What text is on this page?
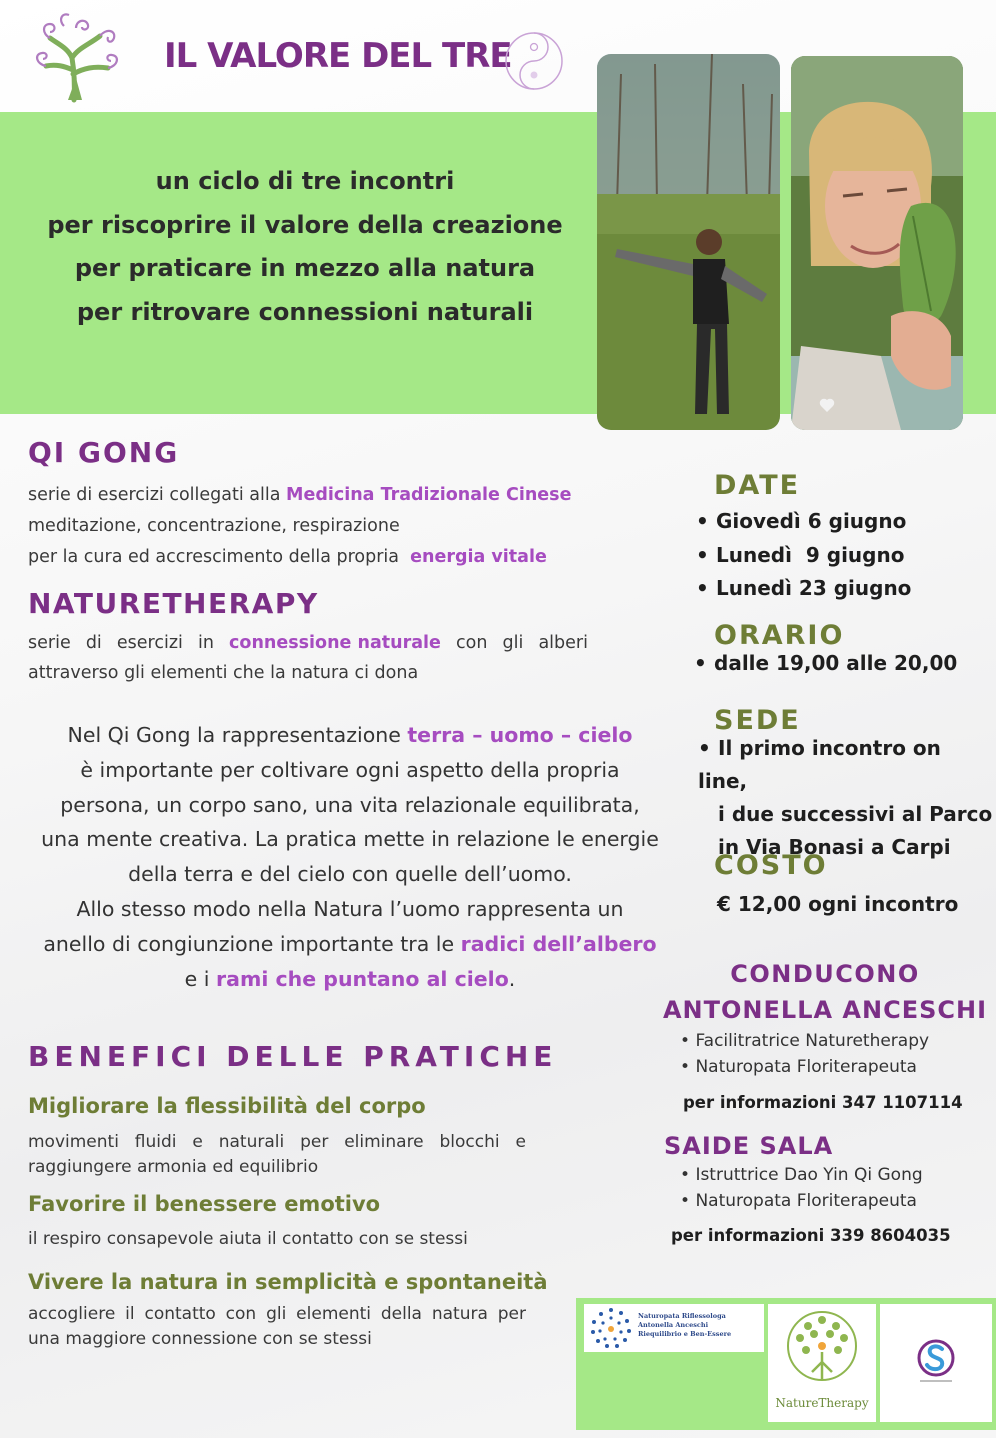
IL VALORE DEL TRE
un ciclo di tre incontri
per riscoprire il valore della creazione
per praticare in mezzo alla natura
per ritrovare connessioni naturali
QI GONG
serie di esercizi collegati alla Medicina Tradizionale Cinese
meditazione, concentrazione, respirazione
per la cura ed accrescimento della propria  energia vitale
NATURETHERAPY
serie di esercizi in connessione naturale con gli alberi
attraverso gli elementi che la natura ci dona
Nel Qi Gong la rappresentazione terra – uomo – cielo
è importante per coltivare ogni aspetto della propria
persona, un corpo sano, una vita relazionale equilibrata,
una mente creativa. La pratica mette in relazione le energie
della terra e del cielo con quelle dell’uomo.
Allo stesso modo nella Natura l’uomo rappresenta un
anello di congiunzione importante tra le radici dell’albero
e i rami che puntano al cielo.
BENEFICI DELLE PRATICHE
Migliorare la flessibilità del corpo
movimenti fluidi e naturali per eliminare blocchi e
raggiungere armonia ed equilibrio
Favorire il benessere emotivo
il respiro consapevole aiuta il contatto con se stessi
Vivere la natura in semplicità e spontaneità
accogliere il contatto con gli elementi della natura per
una maggiore connessione con se stessi
DATE
• Giovedì 6 giugno
• Lunedì  9 giugno
• Lunedì 23 giugno
ORARIO
• dalle 19,00 alle 20,00
SEDE
• Il primo incontro on line,
i due successivi al Parco
in Via Bonasi a Carpi
COSTO
€ 12,00 ogni incontro
CONDUCONO
ANTONELLA ANCESCHI
• Facilitratrice Naturetherapy
• Naturopata Floriterapeuta
per informazioni 347 1107114
SAIDE SALA
• Istruttrice Dao Yin Qi Gong
• Naturopata Floriterapeuta
per informazioni 339 8604035
Naturopata Riflessologa
Antonella Anceschi
Riequilibrio e Ben-Essere
NatureTherapy
